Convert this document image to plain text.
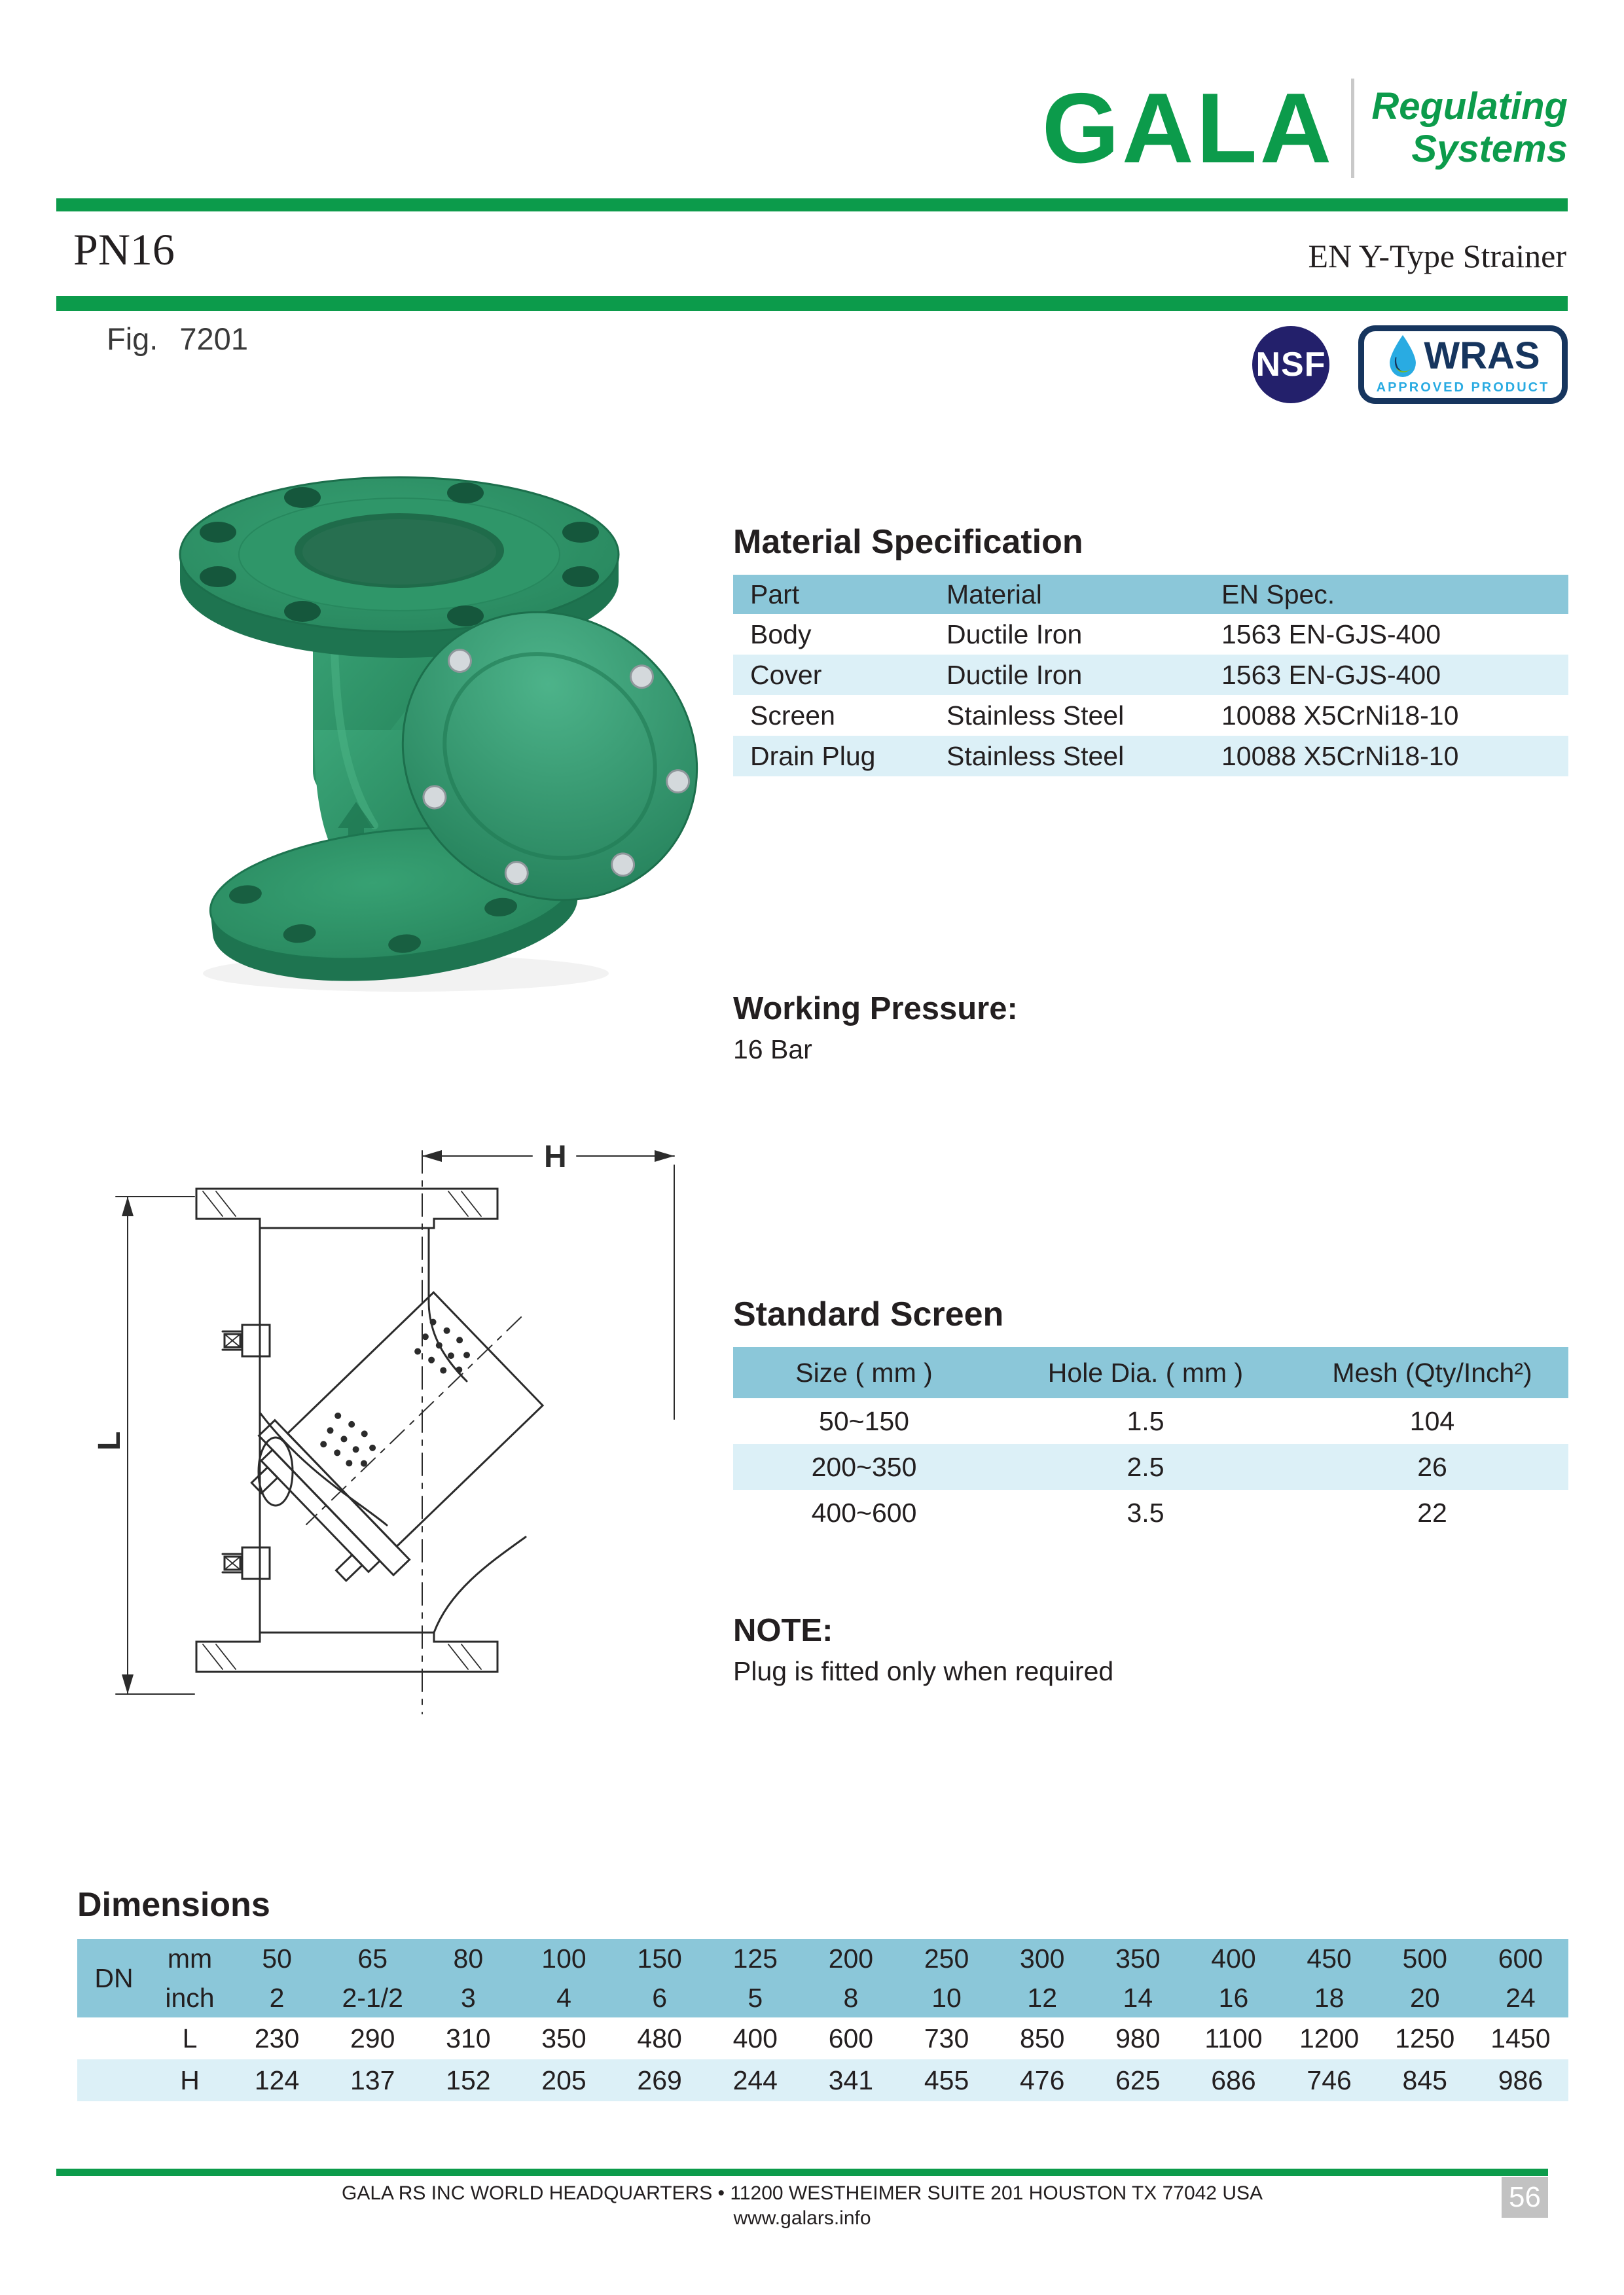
GALA Regulating
Systems
PN16	EN Y-Type Strainer
Fig. 7201
NSF	WRAS
APPROVED PRODUCT
H
L
Material Specification
Part	Material	EN Spec.
Body	Ductile Iron	1563 EN-GJS-400
Cover	Ductile Iron	1563 EN-GJS-400
Screen	Stainless Steel	10088 X5CrNi18-10
Drain Plug	Stainless Steel	10088 X5CrNi18-10
Working Pressure:
16 Bar
Standard Screen
Size ( mm )	Hole Dia. ( mm )	Mesh (Qty/Inch²)
50~150	1.5	104
200~350	2.5	26
400~600	3.5	22
NOTE:
Plug is fitted only when required
Dimensions
DN	mm	50	65	80	100	150	125	200	250	300	350	400	450	500	600
	inch	2	2-1/2	3	4	6	5	8	10	12	14	16	18	20	24
	L	230	290	310	350	480	400	600	730	850	980	1100	1200	1250	1450
	H	124	137	152	205	269	244	341	455	476	625	686	746	845	986
GALA RS INC WORLD HEADQUARTERS • 11200 WESTHEIMER SUITE 201 HOUSTON TX 77042 USA
www.galars.info
56
